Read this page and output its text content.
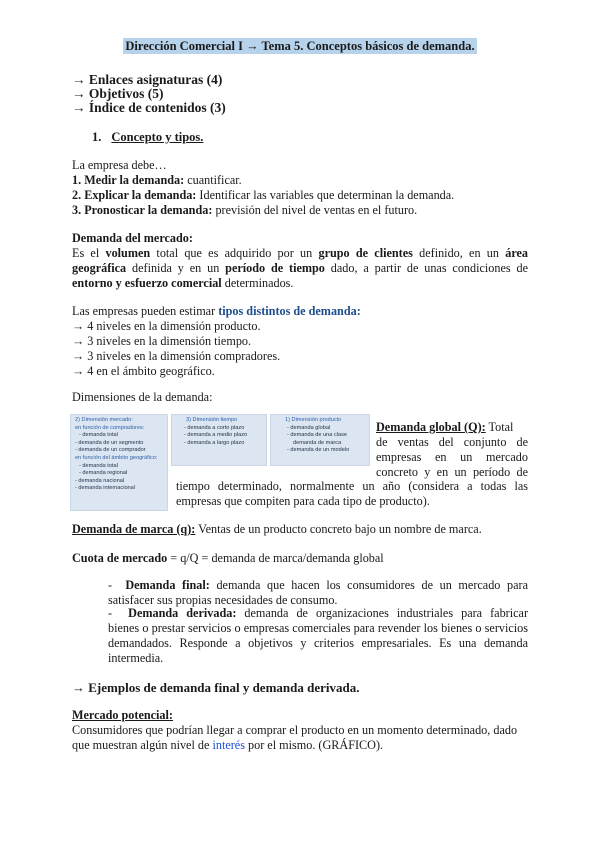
Dirección Comercial I → Tema 5. Conceptos básicos de demanda.
→ Enlaces asignaturas (4)
→ Objetivos (5)
→ Índice de contenidos (3)
1. Concepto y tipos.
La empresa debe…
1. Medir la demanda: cuantificar.
2. Explicar la demanda: Identificar las variables que determinan la demanda.
3. Pronosticar la demanda: previsión del nivel de ventas en el futuro.
Demanda del mercado:
Es el volumen total que es adquirido por un grupo de clientes definido, en un área geográfica definida y en un período de tiempo dado, a partir de unas condiciones de entorno y esfuerzo comercial determinados.
Las empresas pueden estimar tipos distintos de demanda:
→ 4 niveles en la dimensión producto.
→ 3 niveles en la dimensión tiempo.
→ 3 niveles en la dimensión compradores.
→ 4 en el ámbito geográfico.
Dimensiones de la demanda:
2) Dimensión mercado:
en función de compradores:
- demanda total
- demanda de un segmento
- demanda de un comprador
en función del ámbito geográfico:
- demanda total
- demanda regional
- demanda nacional
- demanda internacional
3) Dimensión tiempo
- demanda a corto plazo
- demanda a medio plazo
- demanda a largo plazo
1) Dimensión producto
- demanda global
- demanda de una clase
demanda de marca
- demanda de un modelo
Demanda global (Q): Total
de ventas del conjunto de
empresas en un mercado
concreto y en un período de
tiempo determinado, normalmente un año (considera a todas las
empresas que compiten para cada tipo de producto).
Demanda de marca (q): Ventas de un producto concreto bajo un nombre de marca.
Cuota de mercado = q/Q = demanda de marca/demanda global
-  Demanda final: demanda que hacen los consumidores de un mercado para
satisfacer sus propias necesidades de consumo.
-  Demanda derivada: demanda de organizaciones industriales para fabricar
bienes o prestar servicios o empresas comerciales para revender los bienes o servicios
demandados. Responde a objetivos y criterios empresariales. Es una demanda
intermedia.
→ Ejemplos de demanda final y demanda derivada.
Mercado potencial:
Consumidores que podrían llegar a comprar el producto en un momento determinado, dado
que muestran algún nivel de interés por el mismo. (GRÁFICO).
